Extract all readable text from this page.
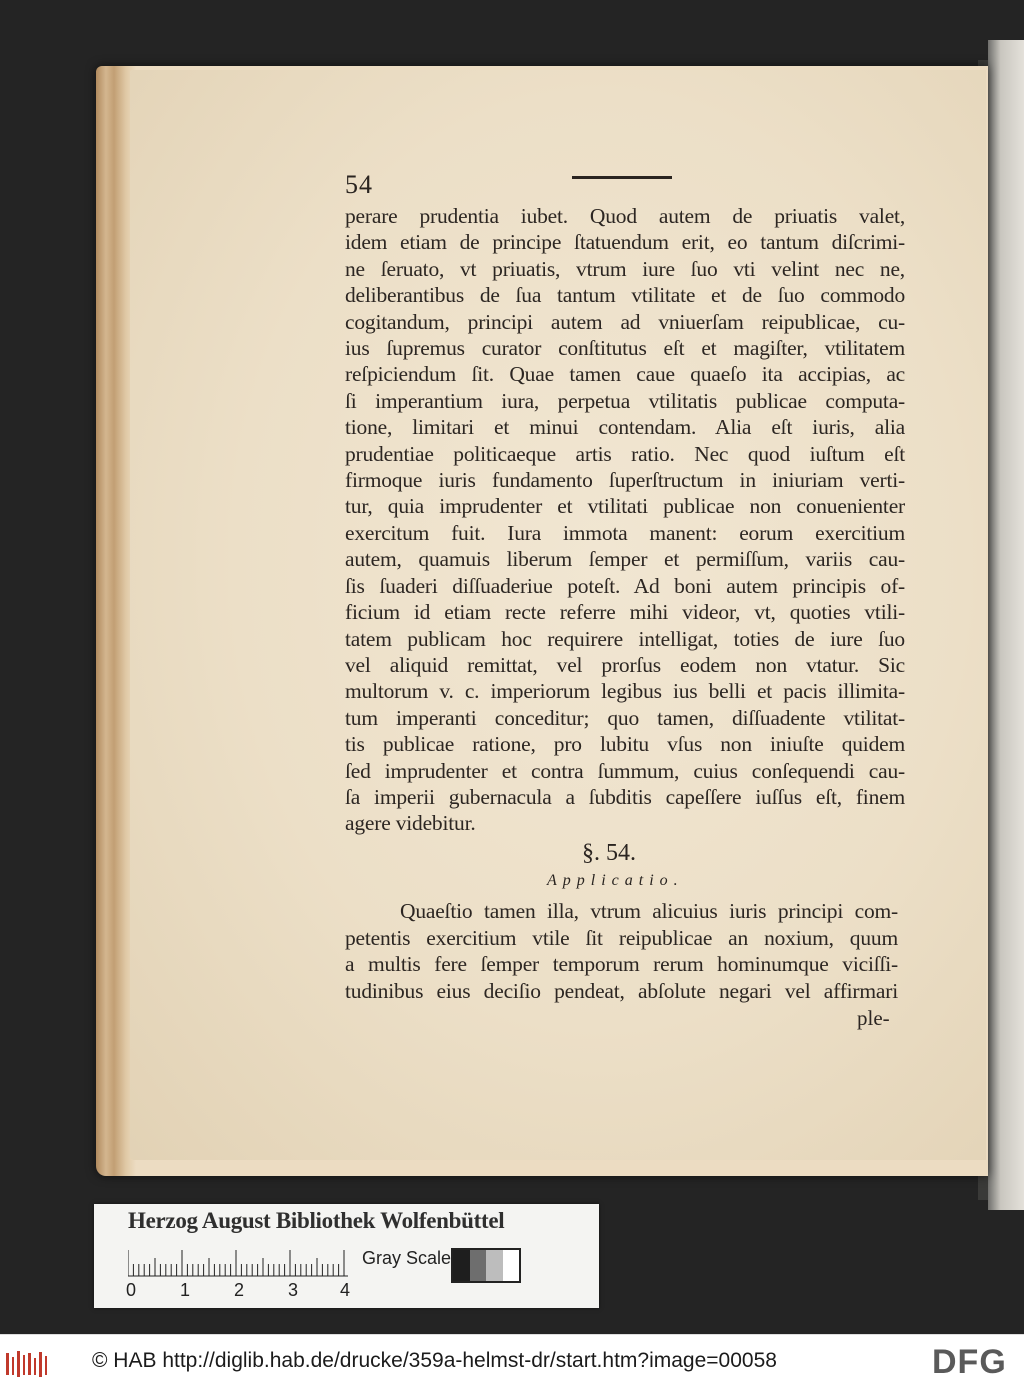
54
perare prudentia iubet. Quod autem de priuatis valet,
idem etiam de principe ſtatuendum erit, eo tantum diſcrimi-
ne ſeruato, vt priuatis, vtrum iure ſuo vti velint nec ne,
deliberantibus de ſua tantum vtilitate et de ſuo commodo
cogitandum, principi autem ad vniuerſam reipublicae, cu-
ius ſupremus curator conſtitutus eſt et magiſter, vtilitatem
reſpiciendum ſit. Quae tamen caue quaeſo ita accipias, ac
ſi imperantium iura, perpetua vtilitatis publicae computa-
tione, limitari et minui contendam. Alia eſt iuris, alia
prudentiae politicaeque artis ratio. Nec quod iuſtum eſt
firmoque iuris fundamento ſuperſtructum in iniuriam verti-
tur, quia imprudenter et vtilitati publicae non conuenienter
exercitum fuit. Iura immota manent: eorum exercitium
autem, quamuis liberum ſemper et permiſſum, variis cau-
ſis ſuaderi diſſuaderiue poteſt. Ad boni autem principis of-
ficium id etiam recte referre mihi videor, vt, quoties vtili-
tatem publicam hoc requirere intelligat, toties de iure ſuo
vel aliquid remittat, vel prorſus eodem non vtatur. Sic
multorum v. c. imperiorum legibus ius belli et pacis illimita-
tum imperanti conceditur; quo tamen, diſſuadente vtilitat-
tis publicae ratione, pro lubitu vſus non iniuſte quidem
ſed imprudenter et contra ſummum, cuius conſequendi cau-
ſa imperii gubernacula a ſubditis capeſſere iuſſus eſt, finem
agere videbitur.
§. 54.
Applicatio.
Quaeſtio tamen illa, vtrum alicuius iuris principi com-
petentis exercitium vtile ſit reipublicae an noxium, quum
a multis fere ſemper temporum rerum hominumque viciſſi-
tudinibus eius deciſio pendeat, abſolute negari vel affirmari
ple-
Herzog August Bibliothek Wolfenbüttel
0 1 2 3 4
Gray Scale
© HAB http://diglib.hab.de/drucke/359a-helmst-dr/start.htm?image=00058	DFG
